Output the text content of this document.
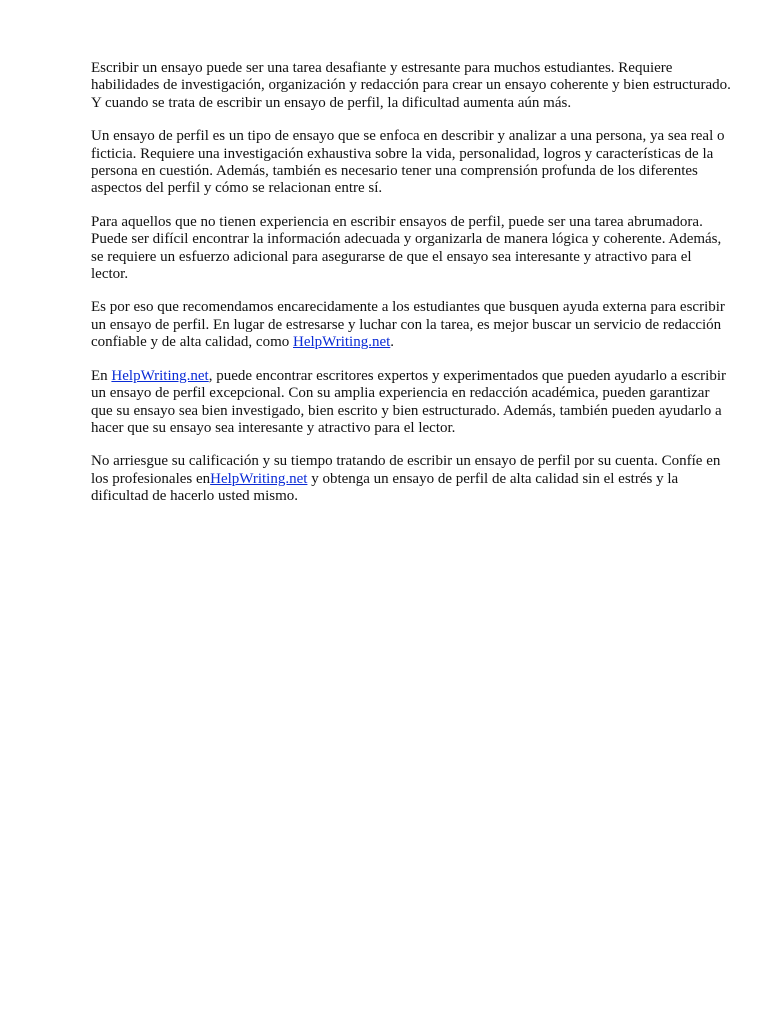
Escribir un ensayo puede ser una tarea desafiante y estresante para muchos estudiantes. Requiere habilidades de investigación, organización y redacción para crear un ensayo coherente y bien estructurado. Y cuando se trata de escribir un ensayo de perfil, la dificultad aumenta aún más.

Un ensayo de perfil es un tipo de ensayo que se enfoca en describir y analizar a una persona, ya sea real o ficticia. Requiere una investigación exhaustiva sobre la vida, personalidad, logros y características de la persona en cuestión. Además, también es necesario tener una comprensión profunda de los diferentes aspectos del perfil y cómo se relacionan entre sí.

Para aquellos que no tienen experiencia en escribir ensayos de perfil, puede ser una tarea abrumadora. Puede ser difícil encontrar la información adecuada y organizarla de manera lógica y coherente. Además, se requiere un esfuerzo adicional para asegurarse de que el ensayo sea interesante y atractivo para el lector.

Es por eso que recomendamos encarecidamente a los estudiantes que busquen ayuda externa para escribir un ensayo de perfil. En lugar de estresarse y luchar con la tarea, es mejor buscar un servicio de redacción confiable y de alta calidad, como HelpWriting.net.

En HelpWriting.net, puede encontrar escritores expertos y experimentados que pueden ayudarlo a escribir un ensayo de perfil excepcional. Con su amplia experiencia en redacción académica, pueden garantizar que su ensayo sea bien investigado, bien escrito y bien estructurado. Además, también pueden ayudarlo a hacer que su ensayo sea interesante y atractivo para el lector.

No arriesgue su calificación y su tiempo tratando de escribir un ensayo de perfil por su cuenta. Confíe en los profesionales enHelpWriting.net y obtenga un ensayo de perfil de alta calidad sin el estrés y la dificultad de hacerlo usted mismo.
